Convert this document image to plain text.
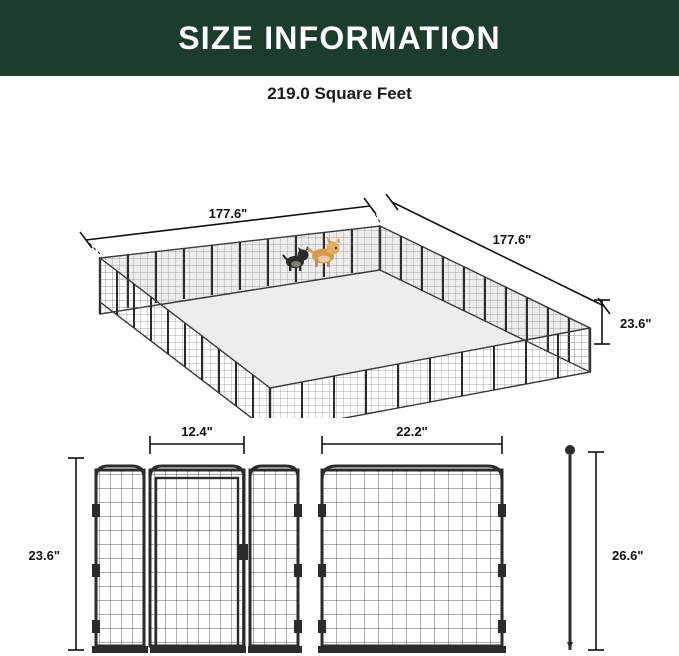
SIZE INFORMATION
219.0 Square Feet
177.6"
177.6"
23.6"
12.4"	22.2"
23.6"	26.6"
